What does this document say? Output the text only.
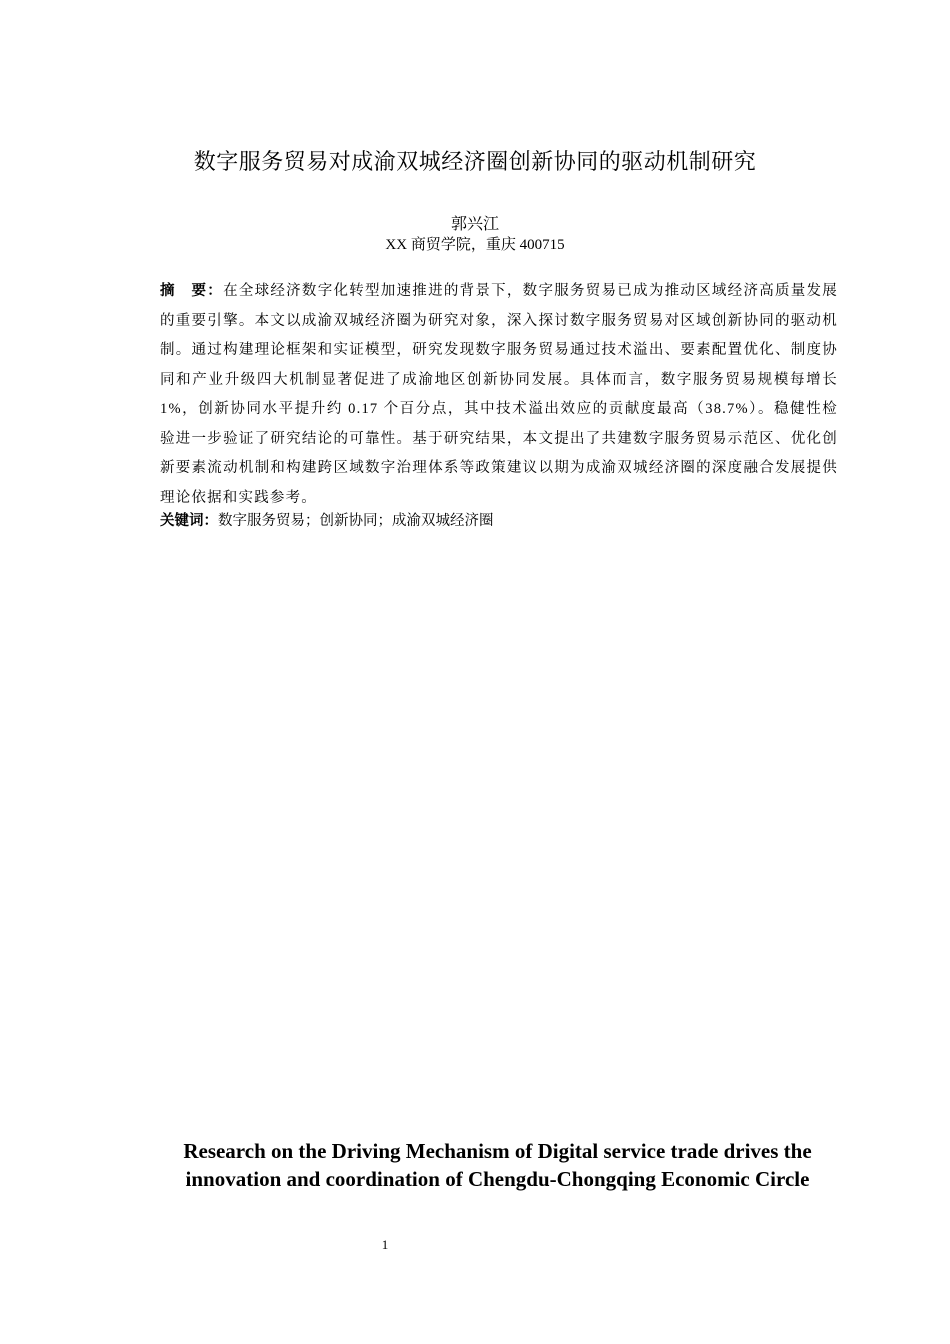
数字服务贸易对成渝双城经济圈创新协同的驱动机制研究
郭兴江
XX 商贸学院，重庆 400715
摘　要：在全球经济数字化转型加速推进的背景下，数字服务贸易已成为推动区域经济高质量发展的重要引擎。本文以成渝双城经济圈为研究对象，深入探讨数字服务贸易对区域创新协同的驱动机制。通过构建理论框架和实证模型，研究发现数字服务贸易通过技术溢出、要素配置优化、制度协同和产业升级四大机制显著促进了成渝地区创新协同发展。具体而言，数字服务贸易规模每增长 1%，创新协同水平提升约 0.17 个百分点，其中技术溢出效应的贡献度最高（38.7%）。稳健性检验进一步验证了研究结论的可靠性。基于研究结果，本文提出了共建数字服务贸易示范区、优化创新要素流动机制和构建跨区域数字治理体系等政策建议以期为成渝双城经济圈的深度融合发展提供理论依据和实践参考。
关键词：数字服务贸易；创新协同；成渝双城经济圈
Research on the Driving Mechanism of Digital service trade drives the
innovation and coordination of Chengdu-Chongqing Economic Circle
1
